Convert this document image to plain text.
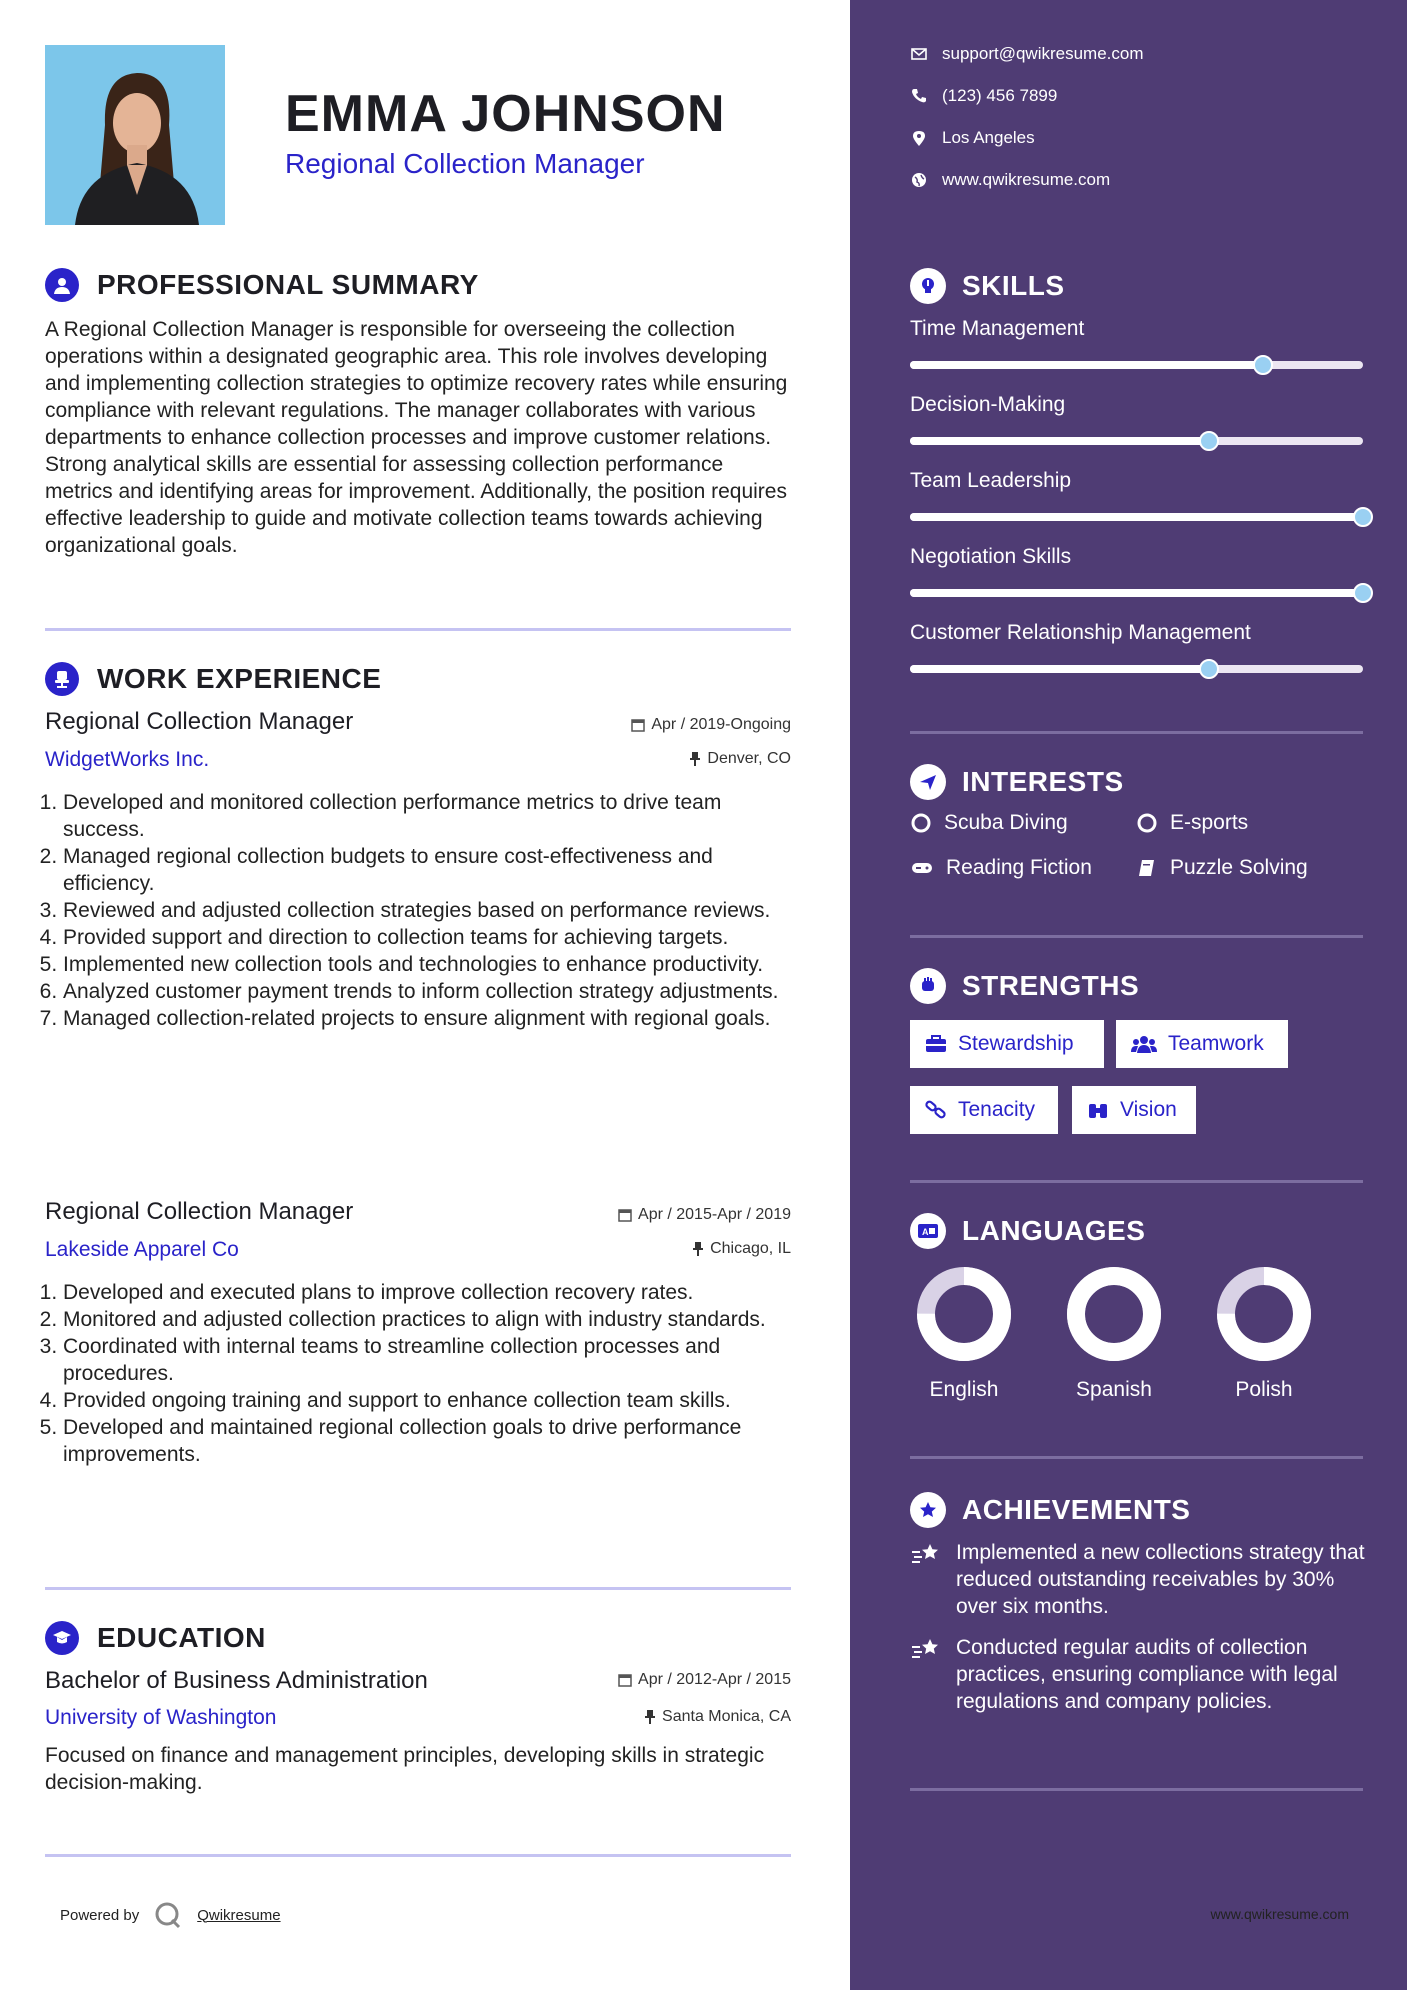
EMMA JOHNSON
Regional Collection Manager
PROFESSIONAL SUMMARY

A Regional Collection Manager is responsible for overseeing the collection operations within a designated geographic area. This role involves developing and implementing collection strategies to optimize recovery rates while ensuring compliance with relevant regulations. The manager collaborates with various departments to enhance collection processes and improve customer relations. Strong analytical skills are essential for assessing collection performance metrics and identifying areas for improvement. Additionally, the position requires effective leadership to guide and motivate collection teams towards achieving organizational goals.

WORK EXPERIENCE
Regional Collection Manager	Apr / 2019-Ongoing
WidgetWorks Inc.	Denver, CO
1. Developed and monitored collection performance metrics to drive team success.
2. Managed regional collection budgets to ensure cost-effectiveness and efficiency.
3. Reviewed and adjusted collection strategies based on performance reviews.
4. Provided support and direction to collection teams for achieving targets.
5. Implemented new collection tools and technologies to enhance productivity.
6. Analyzed customer payment trends to inform collection strategy adjustments.
7. Managed collection-related projects to ensure alignment with regional goals.
Regional Collection Manager	Apr / 2015-Apr / 2019
Lakeside Apparel Co	Chicago, IL
1. Developed and executed plans to improve collection recovery rates.
2. Monitored and adjusted collection practices to align with industry standards.
3. Coordinated with internal teams to streamline collection processes and procedures.
4. Provided ongoing training and support to enhance collection team skills.
5. Developed and maintained regional collection goals to drive performance improvements.
EDUCATION
Bachelor of Business Administration	Apr / 2012-Apr / 2015
University of Washington	Santa Monica, CA

Focused on finance and management principles, developing skills in strategic decision-making.

Powered by	Qwikresume
support@qwikresume.com
(123) 456 7899
Los Angeles
www.qwikresume.com
SKILLS
Time Management
Decision-Making
Team Leadership
Negotiation Skills
Customer Relationship Management
INTERESTS
Scuba Diving	E-sports
Reading Fiction	Puzzle Solving
STRENGTHS
Stewardship	Teamwork
Tenacity	Vision
A LANGUAGES
English	Spanish	Polish
ACHIEVEMENTS
Implemented a new collections strategy that reduced outstanding receivables by 30% over six months.
Conducted regular audits of collection practices, ensuring compliance with legal regulations and company policies.
www.qwikresume.com
